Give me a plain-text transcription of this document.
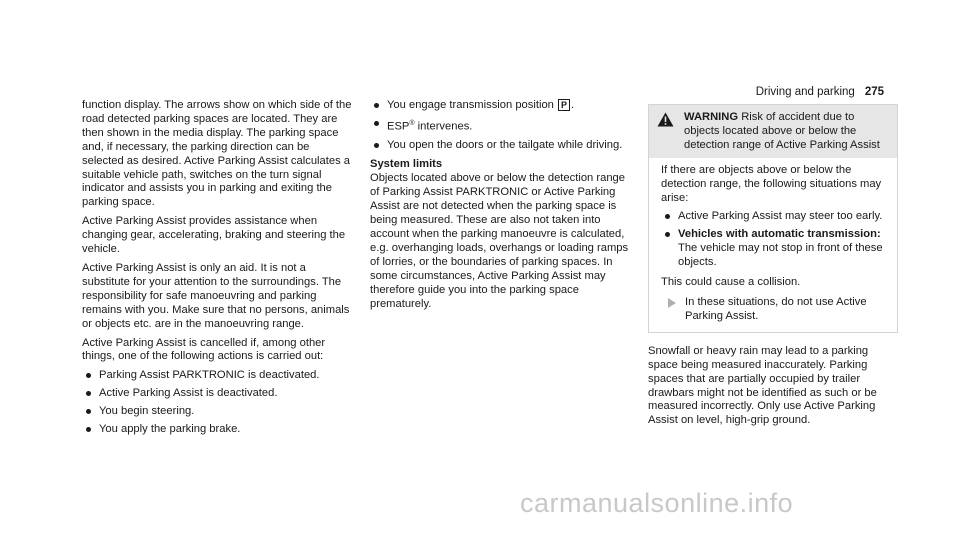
Driving and parking 275

function display. The arrows show on which side of the road detected parking spaces are located. They are then shown in the media display. The parking space and, if necessary, the parking direction can be selected as desired. Active Parking Assist calculates a suitable vehicle path, switches on the turn signal indicator and assists you in parking and exiting the parking space.

Active Parking Assist provides assistance when changing gear, accelerating, braking and steering the vehicle.

Active Parking Assist is only an aid. It is not a substitute for your attention to the surroundings. The responsibility for safe manoeuvring and parking remains with you. Make sure that no persons, animals or objects etc. are in the manoeuvring range.

Active Parking Assist is cancelled if, among other things, one of the following actions is carried out:

Parking Assist PARKTRONIC is deactivated.
Active Parking Assist is deactivated.
You begin steering.
You apply the parking brake.
You engage transmission position P .
ESP® intervenes.
You open the doors or the tailgate while driving.
System limits

Objects located above or below the detection range of Parking Assist PARKTRONIC or Active Parking Assist are not detected when the parking space is being measured. These are also not taken into account when the parking manoeuvre is calculated, e.g. overhanging loads, overhangs or loading ramps of lorries, or the boundaries of parking spaces. In some circumstances, Active Parking Assist may therefore guide you into the parking space prematurely.

WARNING Risk of accident due to objects located above or below the detection range of Active Parking Assist

If there are objects above or below the detection range, the following situations may arise:

Active Parking Assist may steer too early.
Vehicles with automatic transmission: The vehicle may not stop in front of these objects.

This could cause a collision.

In these situations, do not use Active Parking Assist.

Snowfall or heavy rain may lead to a parking space being measured inaccurately. Parking spaces that are partially occupied by trailer drawbars might not be identified as such or be measured incorrectly. Only use Active Parking Assist on level, high-grip ground.

carmanualsonline.info
